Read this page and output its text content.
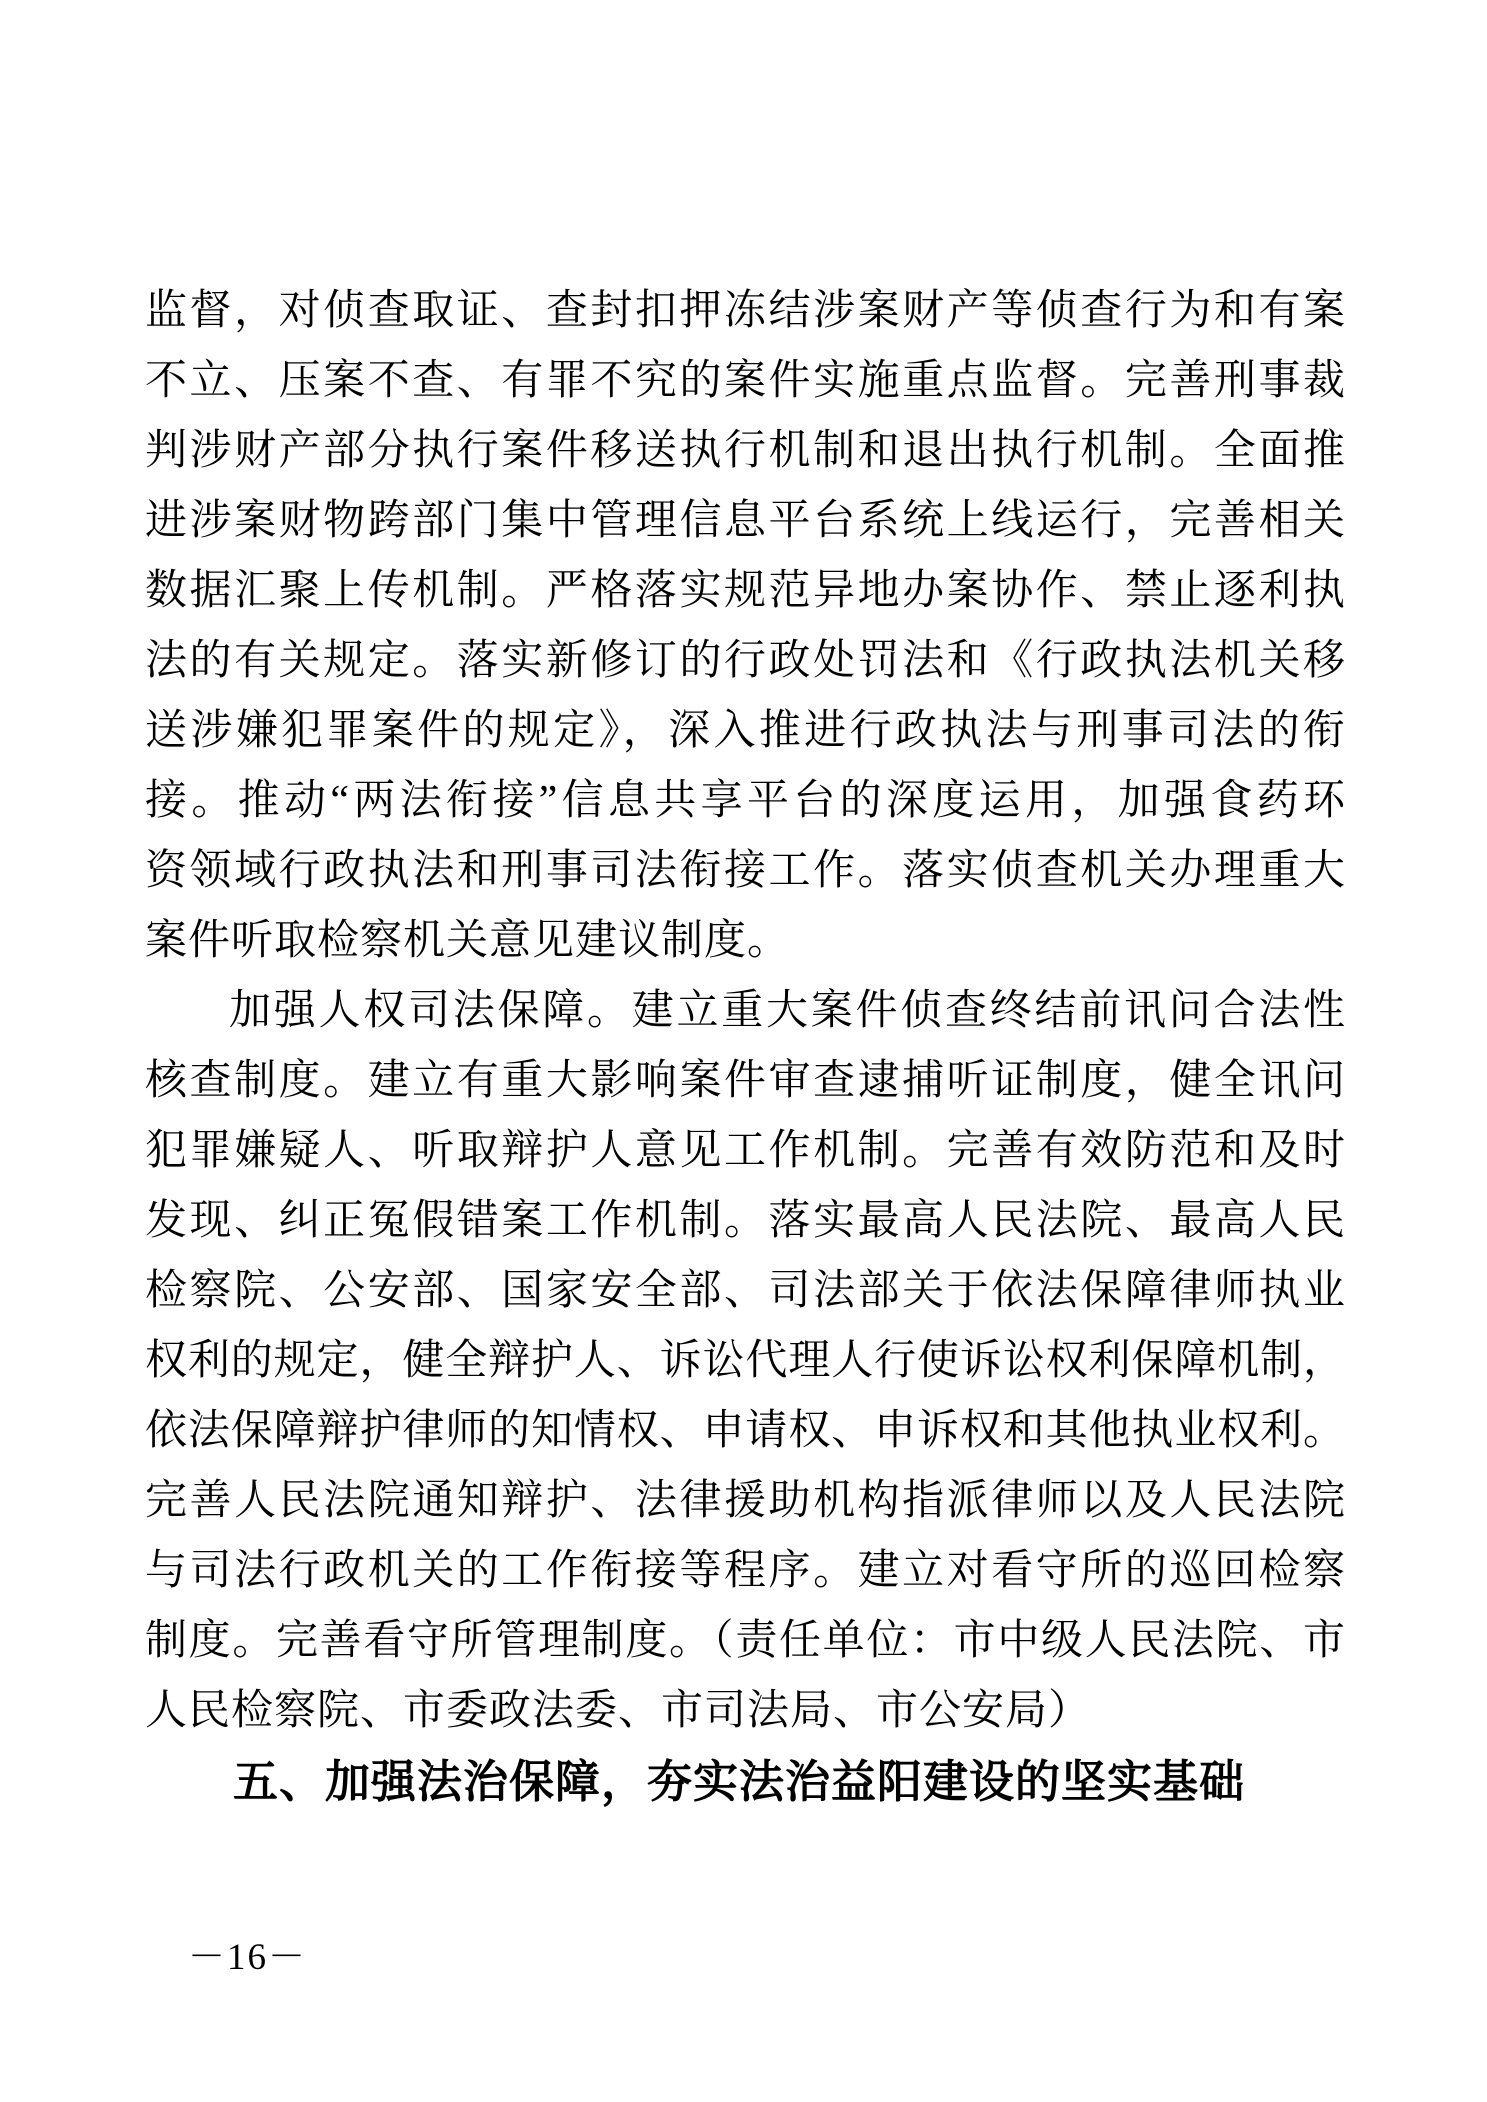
监督，对侦查取证、查封扣押冻结涉案财产等侦查行为和有案
不立、压案不查、有罪不究的案件实施重点监督。完善刑事裁
判涉财产部分执行案件移送执行机制和退出执行机制。全面推
进涉案财物跨部门集中管理信息平台系统上线运行，完善相关
数据汇聚上传机制。严格落实规范异地办案协作、禁止逐利执
法的有关规定。落实新修订的行政处罚法和《行政执法机关移
送涉嫌犯罪案件的规定》，深入推进行政执法与刑事司法的衔
接。推动“两法衔接”信息共享平台的深度运用，加强食药环
资领域行政执法和刑事司法衔接工作。落实侦查机关办理重大
案件听取检察机关意见建议制度。
加强人权司法保障。建立重大案件侦查终结前讯问合法性
核查制度。建立有重大影响案件审查逮捕听证制度，健全讯问
犯罪嫌疑人、听取辩护人意见工作机制。完善有效防范和及时
发现、纠正冤假错案工作机制。落实最高人民法院、最高人民
检察院、公安部、国家安全部、司法部关于依法保障律师执业
权利的规定，健全辩护人、诉讼代理人行使诉讼权利保障机制，
依法保障辩护律师的知情权、申请权、申诉权和其他执业权利。
完善人民法院通知辩护、法律援助机构指派律师以及人民法院
与司法行政机关的工作衔接等程序。建立对看守所的巡回检察
制度。完善看守所管理制度。（责任单位：市中级人民法院、市
人民检察院、市委政法委、市司法局、市公安局）
五、加强法治保障，夯实法治益阳建设的坚实基础
－16－
